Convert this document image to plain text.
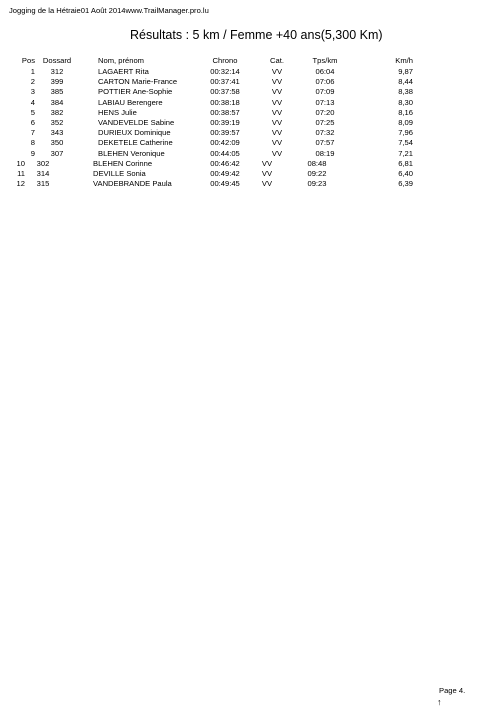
Jogging de la Hétraie01 Août 2014www.TrailManager.pro.lu
Résultats : 5 km / Femme +40 ans(5,300 Km)
Pos	Dossard	Nom, prénom	Chrono	Cat.	Tps/km	Km/h
1	312	LAGAERT Rita	00:32:14	VV	06:04	9,87
2	399	CARTON Marie-France	00:37:41	VV	07:06	8,44
3	385	POTTIER Ane-Sophie	00:37:58	VV	07:09	8,38
4	384	LABIAU Berengere	00:38:18	VV	07:13	8,30
5	382	HENS Julie	00:38:57	VV	07:20	8,16
6	352	VANDEVELDE Sabine	00:39:19	VV	07:25	8,09
7	343	DURIEUX Dominique	00:39:57	VV	07:32	7,96
8	350	DEKETELE Catherine	00:42:09	VV	07:57	7,54
9	307	BLEHEN Veronique	00:44:05	VV	08:19	7,21
10	302	BLEHEN Corinne	00:46:42	VV	08:48	6,81
11	314	DEVILLE Sonia	00:49:42	VV	09:22	6,40
12	315	VANDEBRANDE Paula	00:49:45	VV	09:23	6,39
Page 4.
↑
